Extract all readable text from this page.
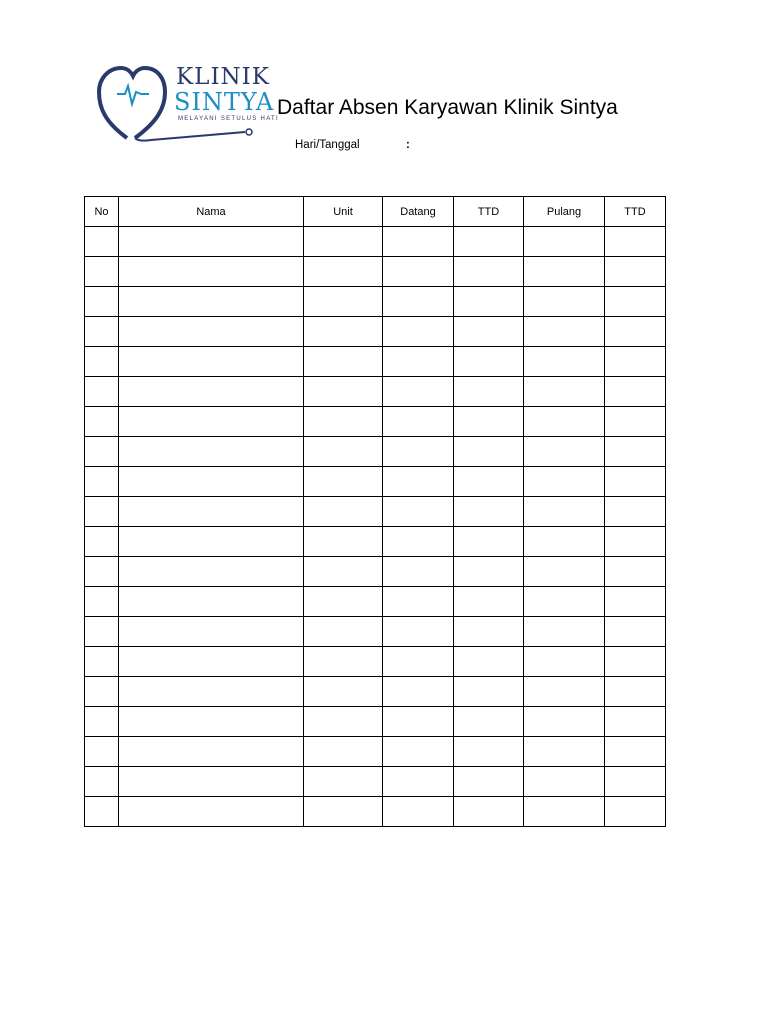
KLINIK
SINTYA
MELAYANI SETULUS HATI
Daftar Absen Karyawan Klinik Sintya
Hari/Tanggal	:
No	Nama	Unit	Datang	TTD	Pulang	TTD
